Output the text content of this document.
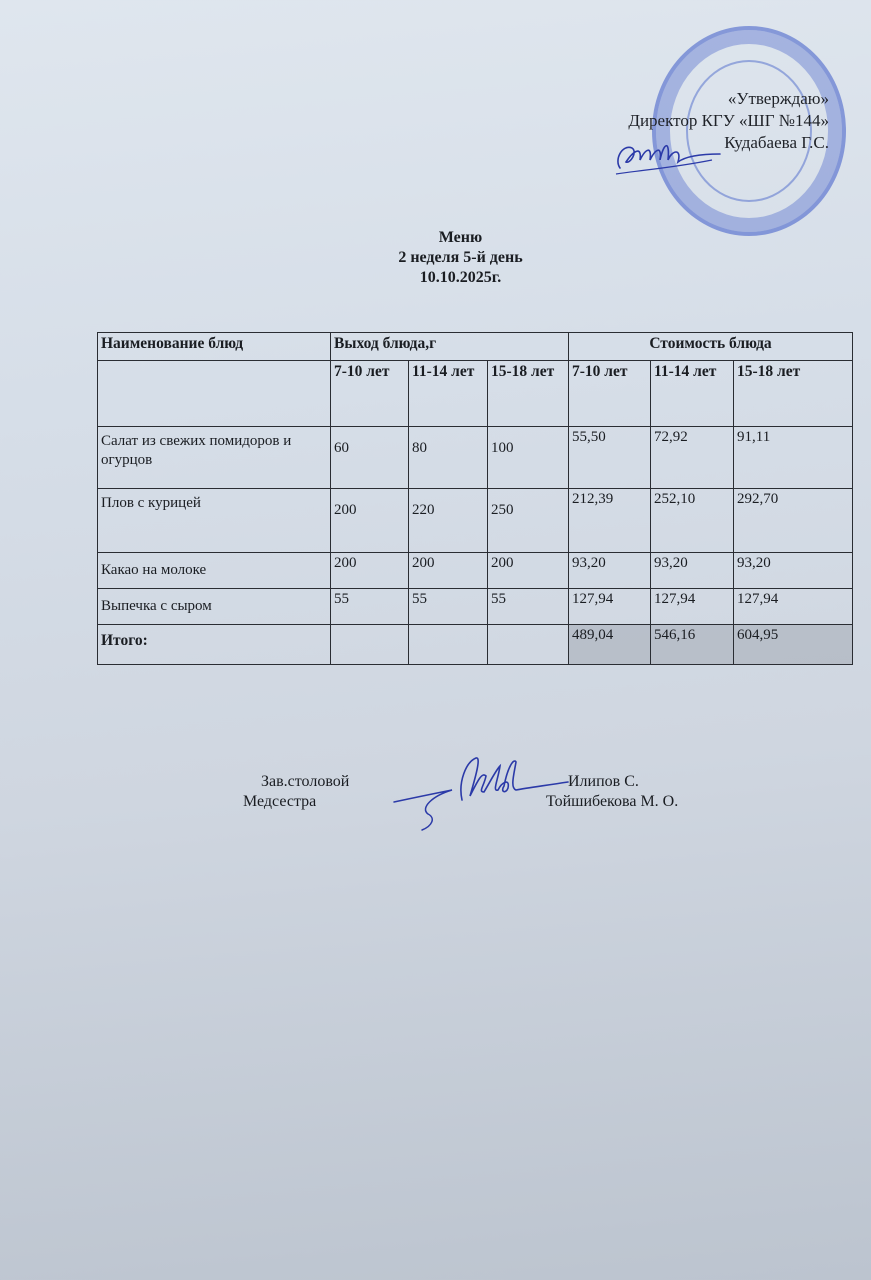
«Утверждаю»
Директор КГУ «ШГ №144»
Кудабаева Г.С.
Меню
2 неделя 5-й день
10.10.2025г.
Наименование блюд	Выход блюда,г			Стоимость блюда		
	7-10 лет	11-14 лет	15-18 лет	7-10 лет	11-14 лет	15-18 лет
Салат из свежих помидоров и огурцов	60	80	100	55,50	72,92	91,11
Плов с курицей	200	220	250	212,39	252,10	292,70
Какао на молоке	200	200	200	93,20	93,20	93,20
Выпечка с сыром	55	55	55	127,94	127,94	127,94
Итого:				489,04	546,16	604,95
Зав.столовой
Медсестра
Илипов С.
Тойшибекова М. О.
